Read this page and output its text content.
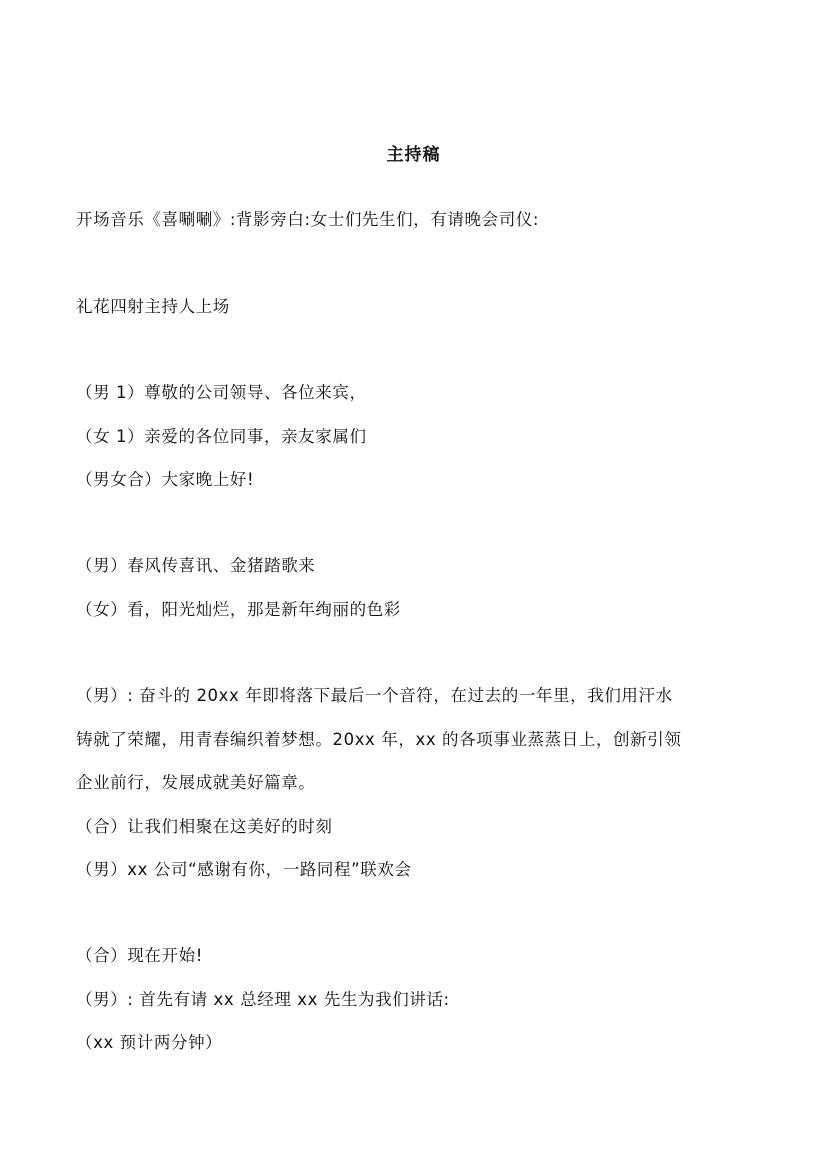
主持稿
开场音乐《喜唰唰》:背影旁白:女士们先生们，有请晚会司仪:
礼花四射主持人上场
（男 1）尊敬的公司领导、各位来宾，
（女 1）亲爱的各位同事，亲友家属们
（男女合）大家晚上好!
（男）春风传喜讯、金猪踏歌来
（女）看，阳光灿烂，那是新年绚丽的色彩
（男）: 奋斗的 20xx 年即将落下最后一个音符，在过去的一年里，我们用汗水
铸就了荣耀，用青春编织着梦想。20xx 年，xx 的各项事业蒸蒸日上，创新引领
企业前行，发展成就美好篇章。
（合）让我们相聚在这美好的时刻
（男）xx 公司“感谢有你，一路同程”联欢会
（合）现在开始!
（男）: 首先有请 xx 总经理 xx 先生为我们讲话:
（xx 预计两分钟）
